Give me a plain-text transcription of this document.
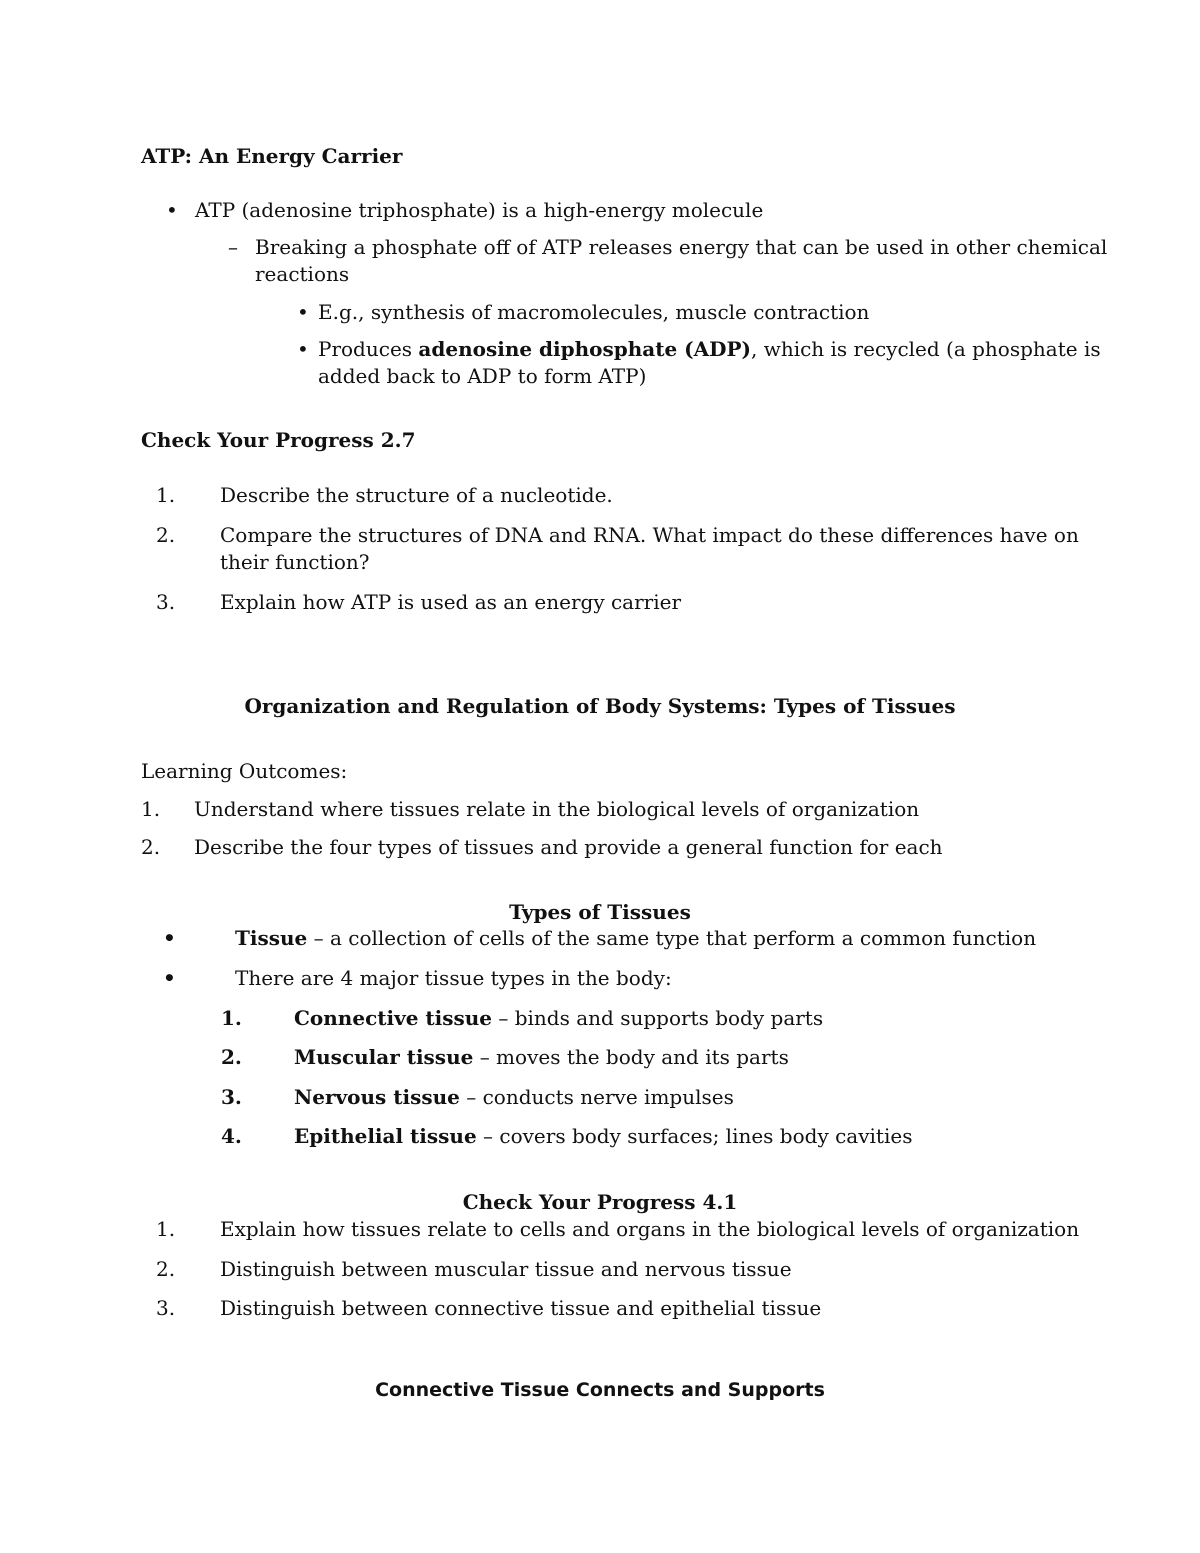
ATP: An Energy Carrier
• ATP (adenosine triphosphate) is a high-energy molecule
– Breaking a phosphate off of ATP releases energy that can be used in other chemical
reactions
• E.g., synthesis of macromolecules, muscle contraction
• Produces adenosine diphosphate (ADP), which is recycled (a phosphate is
added back to ADP to form ATP)
Check Your Progress 2.7
1. Describe the structure of a nucleotide.
2. Compare the structures of DNA and RNA. What impact do these differences have on
their function?
3. Explain how ATP is used as an energy carrier
Organization and Regulation of Body Systems: Types of Tissues
Learning Outcomes:
1. Understand where tissues relate in the biological levels of organization
2. Describe the four types of tissues and provide a general function for each
Types of Tissues
•	Tissue – a collection of cells of the same type that perform a common function
•	There are 4 major tissue types in the body:
1.	Connective tissue – binds and supports body parts
2.	Muscular tissue – moves the body and its parts
3.	Nervous tissue – conducts nerve impulses
4.	Epithelial tissue – covers body surfaces; lines body cavities
Check Your Progress 4.1
1. Explain how tissues relate to cells and organs in the biological levels of organization
2. Distinguish between muscular tissue and nervous tissue
3. Distinguish between connective tissue and epithelial tissue
Connective Tissue Connects and Supports
